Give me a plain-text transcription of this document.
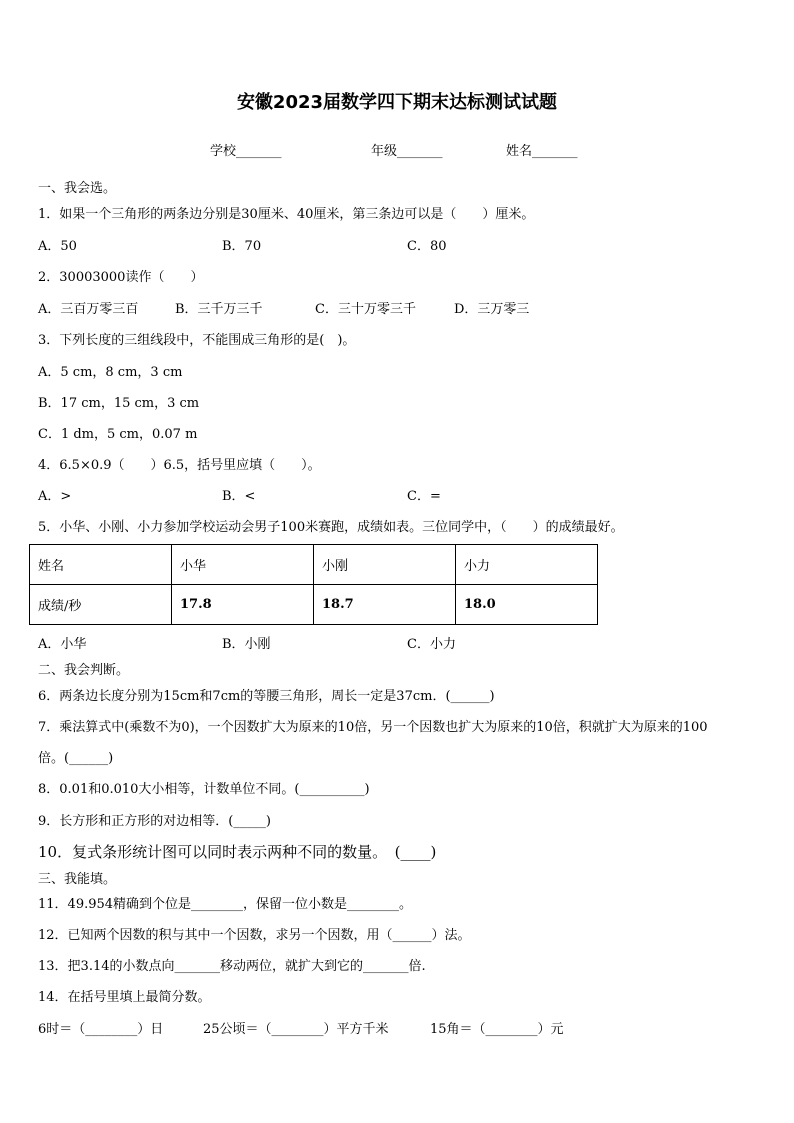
安徽2023届数学四下期末达标测试试题
学校_______	年级_______	姓名_______
一、我会选。
1．如果一个三角形的两条边分别是30厘米、40厘米，第三条边可以是（　　）厘米。
A．50	B．70	C．80
2．30003000读作（　　）
A．三百万零三百	B．三千万三千	C．三十万零三千	D．三万零三
3．下列长度的三组线段中，不能围成三角形的是(　)。
A．5 cm，8 cm，3 cm
B．17 cm，15 cm，3 cm
C．1 dm，5 cm，0.07 m
4．6.5×0.9（　　）6.5，括号里应填（　　）。
A．>	B．<	C．=
5．小华、小刚、小力参加学校运动会男子100米赛跑，成绩如表。三位同学中，（　　）的成绩最好。
姓名	小华	小刚	小力
成绩/秒	17.8	18.7	18.0
A．小华	B．小刚	C．小力
二、我会判断。
6．两条边长度分别为15cm和7cm的等腰三角形，周长一定是37cm．(______)
7．乘法算式中(乘数不为0)，一个因数扩大为原来的10倍，另一个因数也扩大为原来的10倍，积就扩大为原来的100
倍。(______)
8．0.01和0.010大小相等，计数单位不同。(__________)
9．长方形和正方形的对边相等．(_____)
10．复式条形统计图可以同时表示两种不同的数量。　(____)
三、我能填。
11．49.954精确到个位是________，保留一位小数是________。
12．已知两个因数的积与其中一个因数，求另一个因数，用（______）法。
13．把3.14的小数点向_______移动两位，就扩大到它的_______倍.
14．在括号里填上最简分数。
6时＝（________）日	25公顷＝（________）平方千米	15角＝（________）元
